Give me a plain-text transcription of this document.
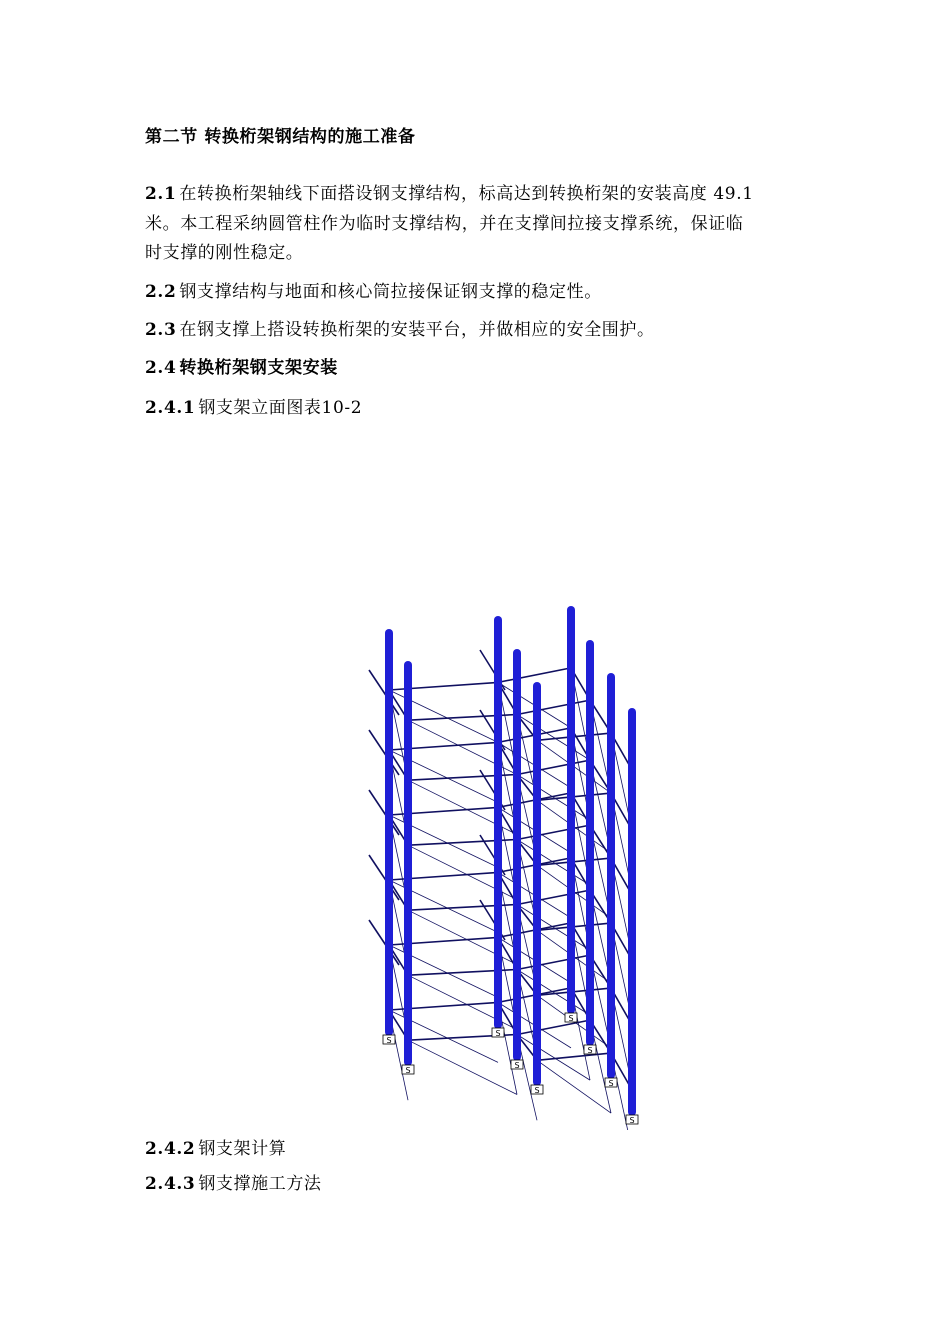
第二节 转换桁架钢结构的施工准备
2.1 在转换桁架轴线下面搭设钢支撑结构，标高达到转换桁架的安装高度 49.1
米。本工程采纳圆管柱作为临时支撑结构，并在支撑间拉接支撑系统，保证临
时支撑的刚性稳定。
2.2 钢支撑结构与地面和核心筒拉接保证钢支撑的稳定性。
2.3 在钢支撑上搭设转换桁架的安装平台，并做相应的安全围护。
2.4 转换桁架钢支架安装
2.4.1 钢支架立面图表10-2
S
S
S
S
S
S
S
S
S
2.4.2 钢支架计算
2.4.3 钢支撑施工方法
